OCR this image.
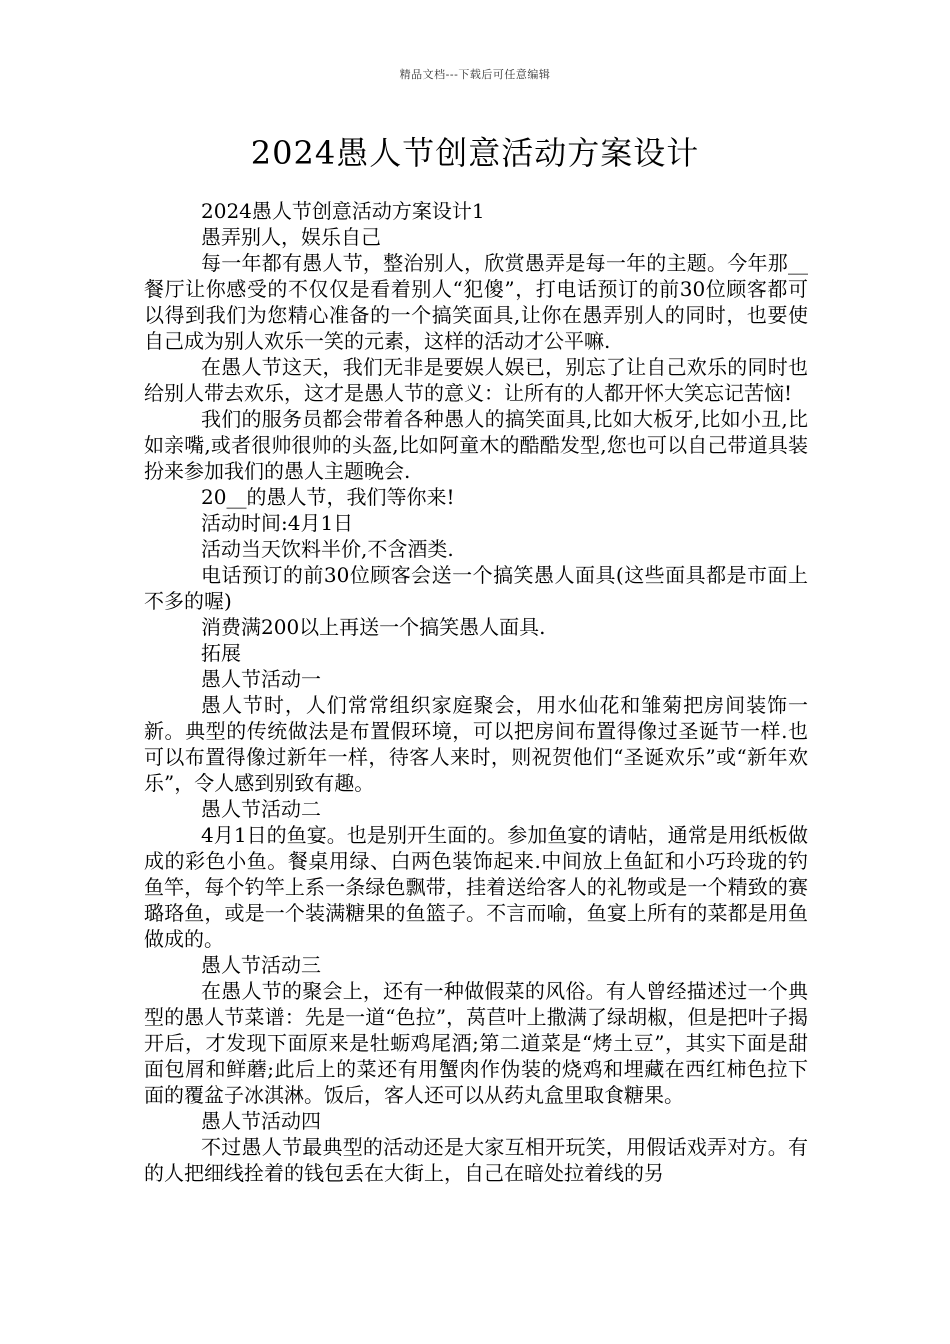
精品文档---下载后可任意编辑
2024愚人节创意活动方案设计

2024愚人节创意活动方案设计1

愚弄别人，娱乐自己

每一年都有愚人节，整治别人，欣赏愚弄是每一年的主题。今年那__餐厅让你感受的不仅仅是看着别人“犯傻”，打电话预订的前30位顾客都可以得到我们为您精心准备的一个搞笑面具,让你在愚弄别人的同时，也要使自己成为别人欢乐一笑的元素，这样的活动才公平嘛.

在愚人节这天，我们无非是要娱人娱已，别忘了让自己欢乐的同时也给别人带去欢乐，这才是愚人节的意义：让所有的人都开怀大笑忘记苦恼!

我们的服务员都会带着各种愚人的搞笑面具,比如大板牙,比如小丑,比如亲嘴,或者很帅很帅的头盔,比如阿童木的酷酷发型,您也可以自己带道具装扮来参加我们的愚人主题晚会.

20__的愚人节，我们等你来!

活动时间:4月1日

活动当天饮料半价,不含酒类.

电话预订的前30位顾客会送一个搞笑愚人面具(这些面具都是市面上不多的喔)

消费满200以上再送一个搞笑愚人面具.

拓展

愚人节活动一

愚人节时，人们常常组织家庭聚会，用水仙花和雏菊把房间装饰一新。典型的传统做法是布置假环境，可以把房间布置得像过圣诞节一样.也可以布置得像过新年一样，待客人来时，则祝贺他们“圣诞欢乐”或“新年欢乐”，令人感到别致有趣。

愚人节活动二

4月1日的鱼宴。也是别开生面的。参加鱼宴的请帖，通常是用纸板做成的彩色小鱼。餐桌用绿、白两色装饰起来.中间放上鱼缸和小巧玲珑的钓鱼竿，每个钓竿上系一条绿色飘带，挂着送给客人的礼物或是一个精致的赛璐珞鱼，或是一个装满糖果的鱼篮子。不言而喻，鱼宴上所有的菜都是用鱼做成的。

愚人节活动三

在愚人节的聚会上，还有一种做假菜的风俗。有人曾经描述过一个典型的愚人节菜谱：先是一道“色拉”，莴苣叶上撒满了绿胡椒，但是把叶子揭开后，才发现下面原来是牡蛎鸡尾酒;第二道菜是“烤土豆”，其实下面是甜面包屑和鲜蘑;此后上的菜还有用蟹肉作伪装的烧鸡和埋藏在西红柿色拉下面的覆盆子冰淇淋。饭后，客人还可以从药丸盒里取食糖果。

愚人节活动四

不过愚人节最典型的活动还是大家互相开玩笑，用假话戏弄对方。有的人把细线拴着的钱包丢在大街上，自己在暗处拉着线的另
